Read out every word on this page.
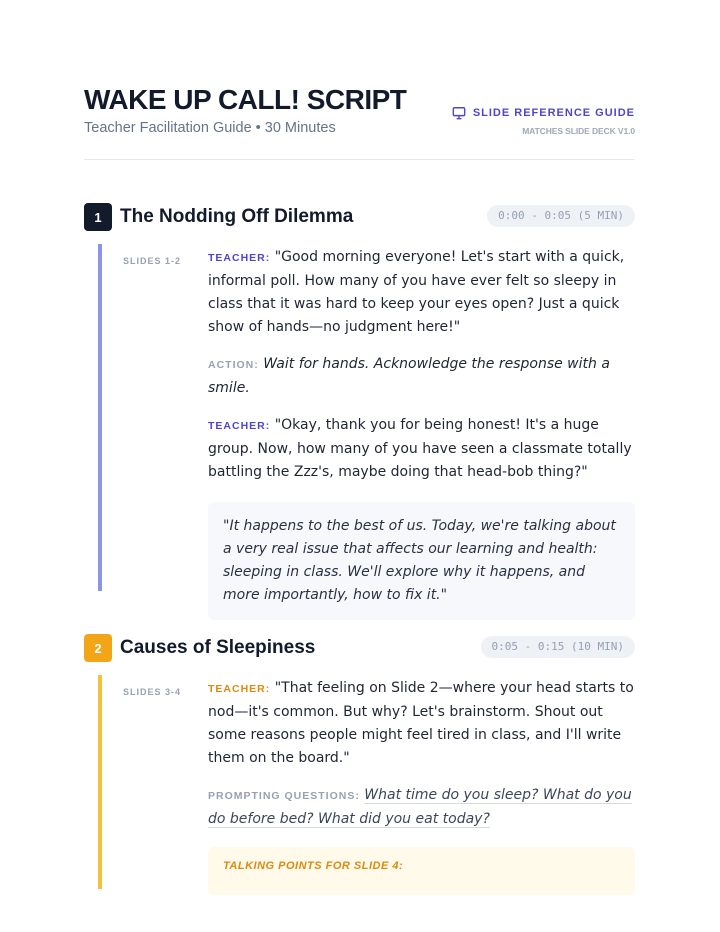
WAKE UP CALL! SCRIPT
Teacher Facilitation Guide • 30 Minutes
SLIDE REFERENCE GUIDE
MATCHES SLIDE DECK V1.0
1 The Nodding Off Dilemma	0:00 - 0:05 (5 MIN)
SLIDES 1-2	TEACHER: "Good morning everyone! Let's start with a quick, informal poll. How many of you have ever felt so sleepy in class that it was hard to keep your eyes open? Just a quick show of hands—no judgment here!"

ACTION: Wait for hands. Acknowledge the response with a smile.

TEACHER: "Okay, thank you for being honest! It's a huge group. Now, how many of you have seen a classmate totally battling the Zzz's, maybe doing that head-bob thing?"

"It happens to the best of us. Today, we're talking about a very real issue that affects our learning and health: sleeping in class. We'll explore why it happens, and more importantly, how to fix it."
2 Causes of Sleepiness	0:05 - 0:15 (10 MIN)
SLIDES 3-4	TEACHER: "That feeling on Slide 2—where your head starts to nod—it's common. But why? Let's brainstorm. Shout out some reasons people might feel tired in class, and I'll write them on the board."

PROMPTING QUESTIONS: What time do you sleep? What do you do before bed? What did you eat today?

TALKING POINTS FOR SLIDE 4:
